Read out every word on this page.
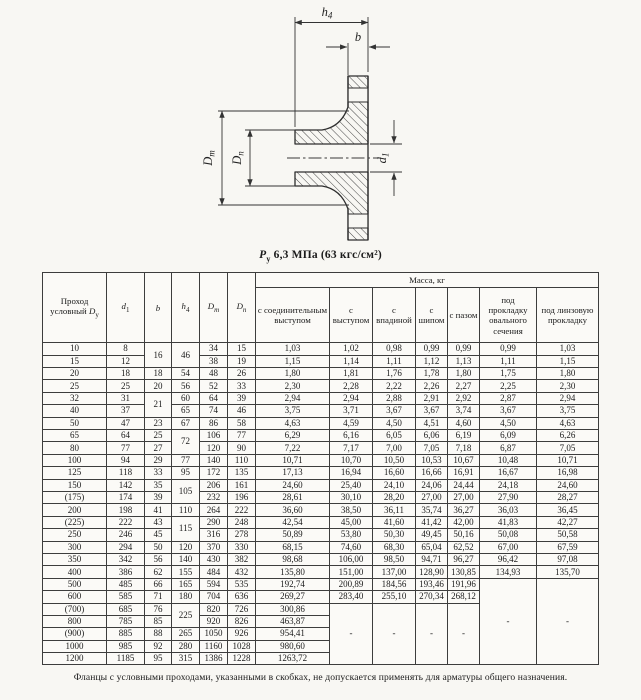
$h_4$
b
$D_m$
$D_n$
$d_1$
$P_у$ 6,3 МПа (63 кгс/см²)
Проход условный $D_у$	$d_1$	b	$h_4$	$D_m$	$D_n$	Масса, кг						
						с соединительным выступом	с выступом	с впадиной	с шипом	с пазом	под прокладку овального сечения	под линзовую прокладку
10	8	16	46	34	15	1,03	1,02	0,98	0,99	0,99	0,99	1,03
15	12			38	19	1,15	1,14	1,11	1,12	1,13	1,11	1,15
20	18	18	54	48	26	1,80	1,81	1,76	1,78	1,80	1,75	1,80
25	25	20	56	52	33	2,30	2,28	2,22	2,26	2,27	2,25	2,30
32	31	21	60	64	39	2,94	2,94	2,88	2,91	2,92	2,87	2,94
40	37		65	74	46	3,75	3,71	3,67	3,67	3,74	3,67	3,75
50	47	23	67	86	58	4,63	4,59	4,50	4,51	4,60	4,50	4,63
65	64	25	72	106	77	6,29	6,16	6,05	6,06	6,19	6,09	6,26
80	77	27		120	90	7,22	7,17	7,00	7,05	7,18	6,87	7,05
100	94	29	77	140	110	10,71	10,70	10,50	10,53	10,67	10,48	10,71
125	118	33	95	172	135	17,13	16,94	16,60	16,66	16,91	16,67	16,98
150	142	35	105	206	161	24,60	25,40	24,10	24,06	24,44	24,18	24,60
(175)	174	39		232	196	28,61	30,10	28,20	27,00	27,00	27,90	28,27
200	198	41	110	264	222	36,60	38,50	36,11	35,74	36,27	36,03	36,45
(225)	222	43	115	290	248	42,54	45,00	41,60	41,42	42,00	41,83	42,27
250	246	45		316	278	50,89	53,80	50,30	49,45	50,16	50,08	50,58
300	294	50	120	370	330	68,15	74,60	68,30	65,04	62,52	67,00	67,59
350	342	56	140	430	382	98,68	106,00	98,50	94,71	96,27	96,42	97,08
400	386	62	155	484	432	135,80	151,00	137,00	128,90	130,85	134,93	135,70
500	485	66	165	594	535	192,74	200,89	184,56	193,46	191,96	-	-
600	585	71	180	704	636	269,27	283,40	255,10	270,34	268,12		
(700)	685	76	225	820	726	300,86	-	-	-	-		
800	785	85		920	826	463,87						
(900)	885	88	265	1050	926	954,41						
1000	985	92	280	1160	1028	980,60						
1200	1185	95	315	1386	1228	1263,72						
Фланцы с условными проходами, указанными в скобках, не допускается применять для арматуры общего назначения.
